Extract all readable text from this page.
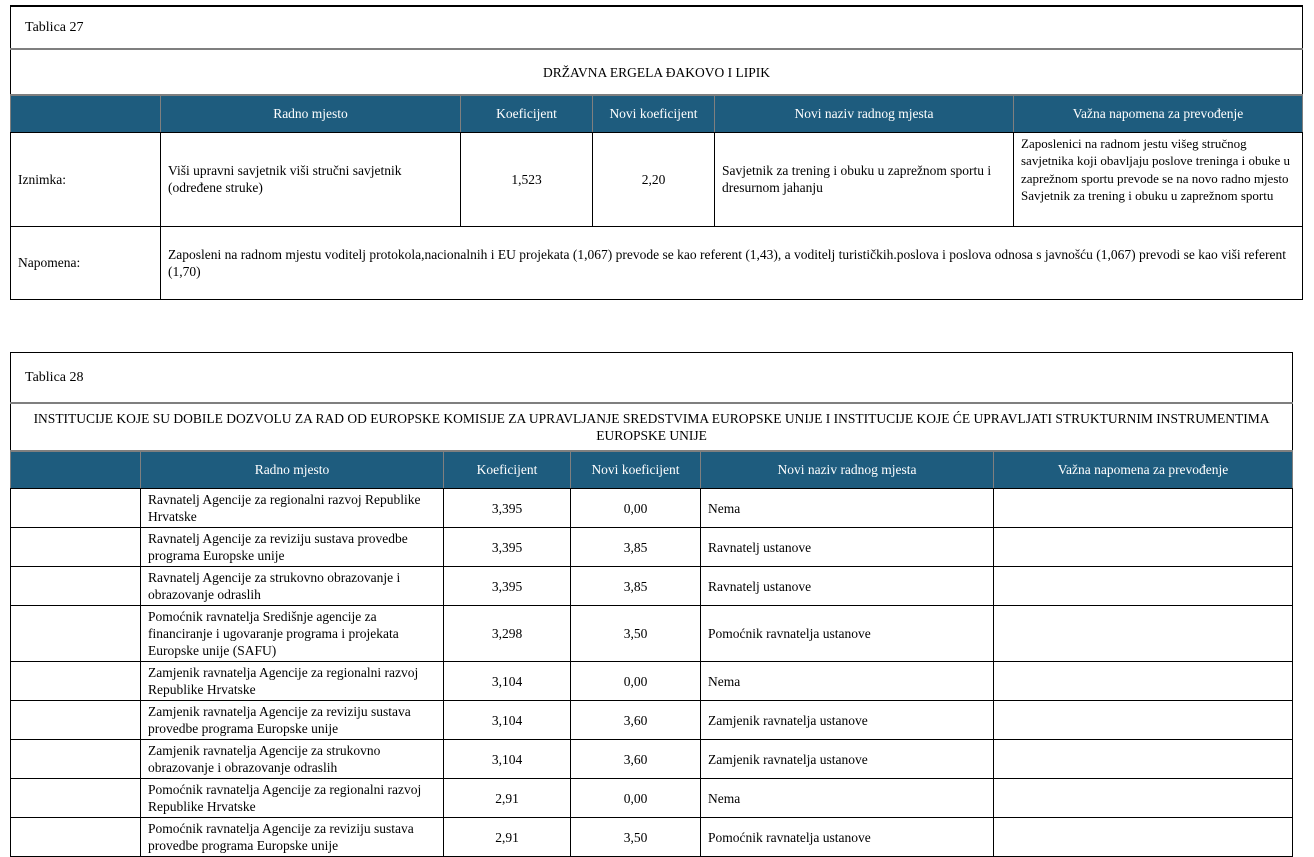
Tablica 27					
DRŽAVNA ERGELA ĐAKOVO I LIPIK					
	Radno mjesto	Koeficijent	Novi koeficijent	Novi naziv radnog mjesta	Važna napomena za prevođenje
Iznimka:	Viši upravni savjetnik viši stručni savjetnik (određene struke)	1,523	2,20	Savjetnik za trening i obuku u zaprežnom sportu i dresurnom jahanju	Zaposlenici na radnom jestu višeg stručnog savjetnika koji obavljaju poslove treninga i obuke u zaprežnom sportu prevode se na novo radno mjesto Savjetnik za trening i obuku u zaprežnom sportu
Napomena:	Zaposleni na radnom mjestu voditelj protokola,nacionalnih i EU projekata (1,067) prevode se kao referent (1,43), a voditelj turističkih.poslova i poslova odnosa s javnošću (1,067) prevodi se kao viši referent (1,70)				
Tablica 28					
INSTITUCIJE KOJE SU DOBILE DOZVOLU ZA RAD OD EUROPSKE KOMISIJE ZA UPRAVLJANJE SREDSTVIMA EUROPSKE UNIJE I INSTITUCIJE KOJE ĆE UPRAVLJATI STRUKTURNIM INSTRUMENTIMA EUROPSKE UNIJE					
	Radno mjesto	Koeficijent	Novi koeficijent	Novi naziv radnog mjesta	Važna napomena za prevođenje
	Ravnatelj Agencije za regionalni razvoj Republike Hrvatske	3,395	0,00	Nema	
	Ravnatelj Agencije za reviziju sustava provedbe programa Europske unije	3,395	3,85	Ravnatelj ustanove	
	Ravnatelj Agencije za strukovno obrazovanje i obrazovanje odraslih	3,395	3,85	Ravnatelj ustanove	
	Pomoćnik ravnatelja Središnje agencije za financiranje i ugovaranje programa i projekata Europske unije (SAFU)	3,298	3,50	Pomoćnik ravnatelja ustanove	
	Zamjenik ravnatelja Agencije za regionalni razvoj Republike Hrvatske	3,104	0,00	Nema	
	Zamjenik ravnatelja Agencije za reviziju sustava provedbe programa Europske unije	3,104	3,60	Zamjenik ravnatelja ustanove	
	Zamjenik ravnatelja Agencije za strukovno obrazovanje i obrazovanje odraslih	3,104	3,60	Zamjenik ravnatelja ustanove	
	Pomoćnik ravnatelja Agencije za regionalni razvoj Republike Hrvatske	2,91	0,00	Nema	
	Pomoćnik ravnatelja Agencije za reviziju sustava provedbe programa Europske unije	2,91	3,50	Pomoćnik ravnatelja ustanove	
